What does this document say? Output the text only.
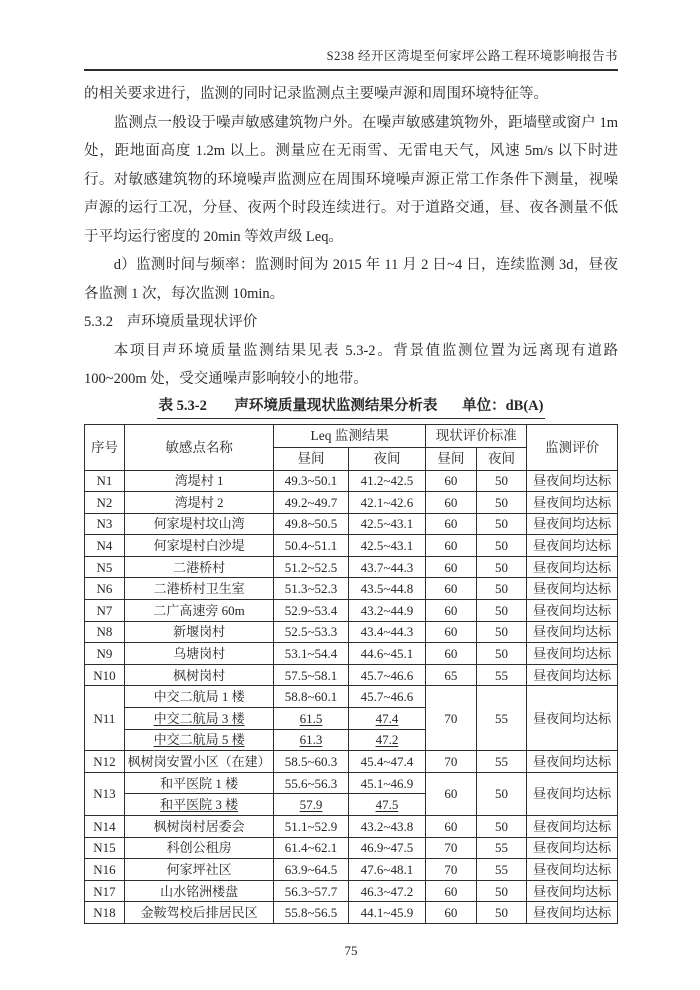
S238 经开区湾堤至何家坪公路工程环境影响报告书

的相关要求进行，监测的同时记录监测点主要噪声源和周围环境特征等。

监测点一般设于噪声敏感建筑物户外。在噪声敏感建筑物外，距墙壁或窗户 1m 处，距地面高度 1.2m 以上。测量应在无雨雪、无雷电天气，风速 5m/s 以下时进行。对敏感建筑物的环境噪声监测应在周围环境噪声源正常工作条件下测量，视噪声源的运行工况，分昼、夜两个时段连续进行。对于道路交通，昼、夜各测量不低于平均运行密度的 20min 等效声级 Leq。

d）监测时间与频率：监测时间为 2015 年 11 月 2 日~4 日，连续监测 3d，昼夜各监测 1 次，每次监测 10min。

5.3.2 声环境质量现状评价

本项目声环境质量监测结果见表 5.3-2。背景值监测位置为远离现有道路 100~200m 处，受交通噪声影响较小的地带。

表 5.3-2 声环境质量现状监测结果分析表 单位：dB(A)
序号	敏感点名称	Leq 监测结果		现状评价标准		监测评价
		昼间	夜间	昼间	夜间	
N1	湾堤村 1	49.3~50.1	41.2~42.5	60	50	昼夜间均达标
N2	湾堤村 2	49.2~49.7	42.1~42.6	60	50	昼夜间均达标
N3	何家堤村坟山湾	49.8~50.5	42.5~43.1	60	50	昼夜间均达标
N4	何家堤村白沙堤	50.4~51.1	42.5~43.1	60	50	昼夜间均达标
N5	二港桥村	51.2~52.5	43.7~44.3	60	50	昼夜间均达标
N6	二港桥村卫生室	51.3~52.3	43.5~44.8	60	50	昼夜间均达标
N7	二广高速旁 60m	52.9~53.4	43.2~44.9	60	50	昼夜间均达标
N8	新堰岗村	52.5~53.3	43.4~44.3	60	50	昼夜间均达标
N9	乌塘岗村	53.1~54.4	44.6~45.1	60	50	昼夜间均达标
N10	枫树岗村	57.5~58.1	45.7~46.6	65	55	昼夜间均达标
N11	中交二航局 1 楼	58.8~60.1	45.7~46.6	70	55	昼夜间均达标
	中交二航局 3 楼	61.5	47.4			
	中交二航局 5 楼	61.3	47.2			
N12	枫树岗安置小区（在建）	58.5~60.3	45.4~47.4	70	55	昼夜间均达标
N13	和平医院 1 楼	55.6~56.3	45.1~46.9	60	50	昼夜间均达标
	和平医院 3 楼	57.9	47.5			
N14	枫树岗村居委会	51.1~52.9	43.2~43.8	60	50	昼夜间均达标
N15	科创公租房	61.4~62.1	46.9~47.5	70	55	昼夜间均达标
N16	何家坪社区	63.9~64.5	47.6~48.1	70	55	昼夜间均达标
N17	山水铭洲楼盘	56.3~57.7	46.3~47.2	60	50	昼夜间均达标
N18	金鞍驾校后排居民区	55.8~56.5	44.1~45.9	60	50	昼夜间均达标
75
